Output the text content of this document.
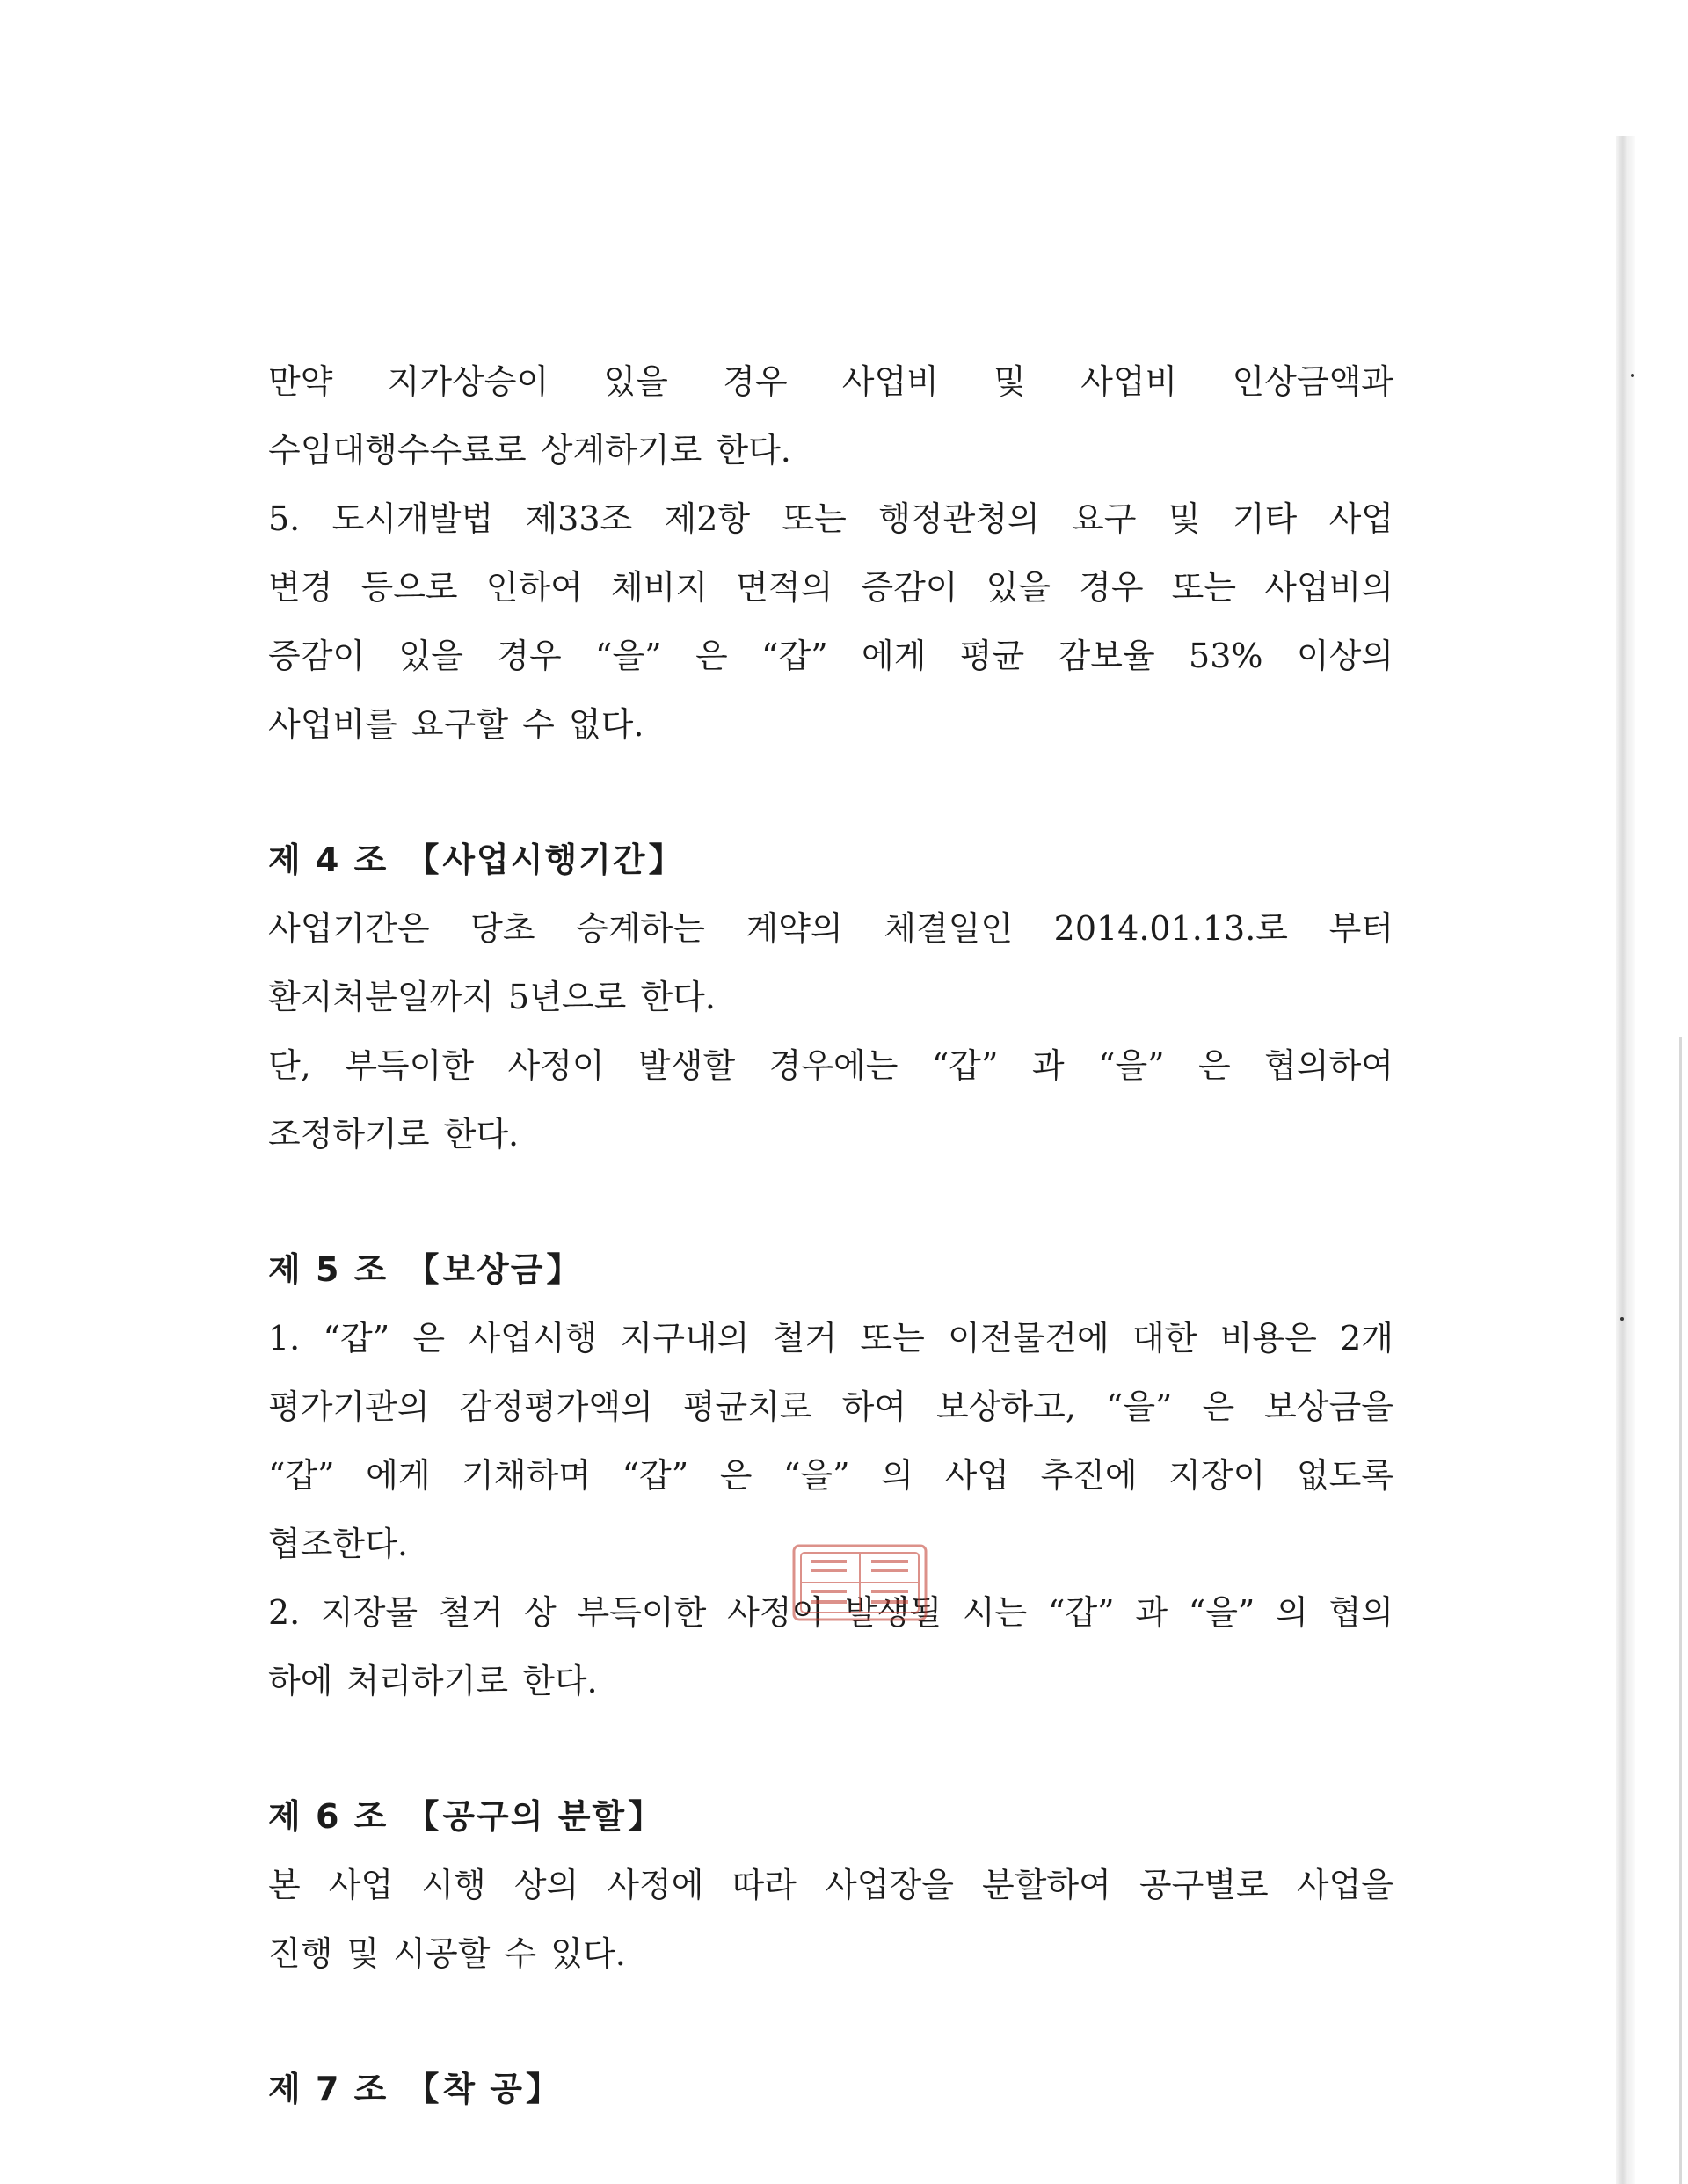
만약 지가상승이 있을 경우 사업비 및 사업비 인상금액과

수임대행수수료로 상계하기로 한다.

5. 도시개발법 제33조 제2항 또는 행정관청의 요구 및 기타 사업

변경 등으로 인하여 체비지 면적의 증감이 있을 경우 또는 사업비의

증감이 있을 경우 “을” 은 “갑” 에게 평균 감보율 53% 이상의

사업비를 요구할 수 없다.

제 4 조 【사업시행기간】

사업기간은 당초 승계하는 계약의 체결일인 2014.01.13.로 부터

환지처분일까지 5년으로 한다.

단, 부득이한 사정이 발생할 경우에는 “갑” 과 “을” 은 협의하여

조정하기로 한다.

제 5 조 【보상금】

1. “갑” 은 사업시행 지구내의 철거 또는 이전물건에 대한 비용은 2개

평가기관의 감정평가액의 평균치로 하여 보상하고, “을” 은 보상금을

“갑” 에게 기채하며 “갑” 은 “을” 의 사업 추진에 지장이 없도록

협조한다.

2. 지장물 철거 상 부득이한 사정이 발생될 시는 “갑” 과 “을” 의 협의

하에 처리하기로 한다.

제 6 조 【공구의 분할】

본 사업 시행 상의 사정에 따라 사업장을 분할하여 공구별로 사업을

진행 및 시공할 수 있다.

제 7 조 【착 공】
